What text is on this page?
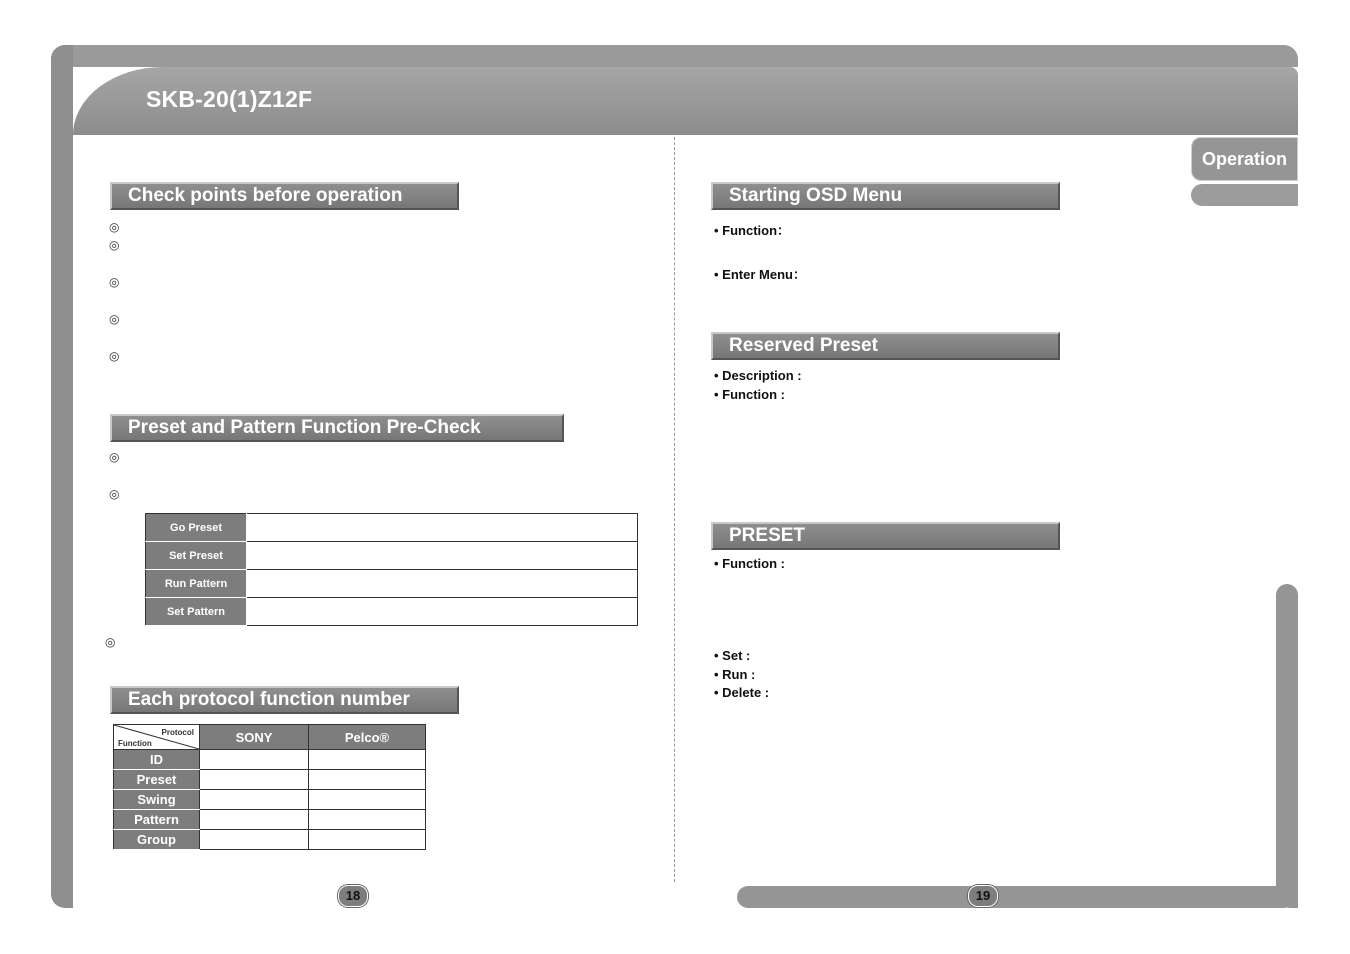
SKB-20(1)Z12F
Operation
Check points before operation
◎
◎
◎
◎
◎
Preset and Pattern Function Pre-Check
◎
◎
Go Preset	
Set Preset	
Run Pattern	
Set Pattern	
◎
Each protocol function number
Protocol
Function	SONY	Pelco®
ID		
Preset		
Swing		
Pattern		
Group		
18
Starting OSD Menu
• Function：
• Enter Menu：
Reserved Preset
• Description :
• Function :
PRESET
• Function :
• Set :
• Run :
• Delete :
19
